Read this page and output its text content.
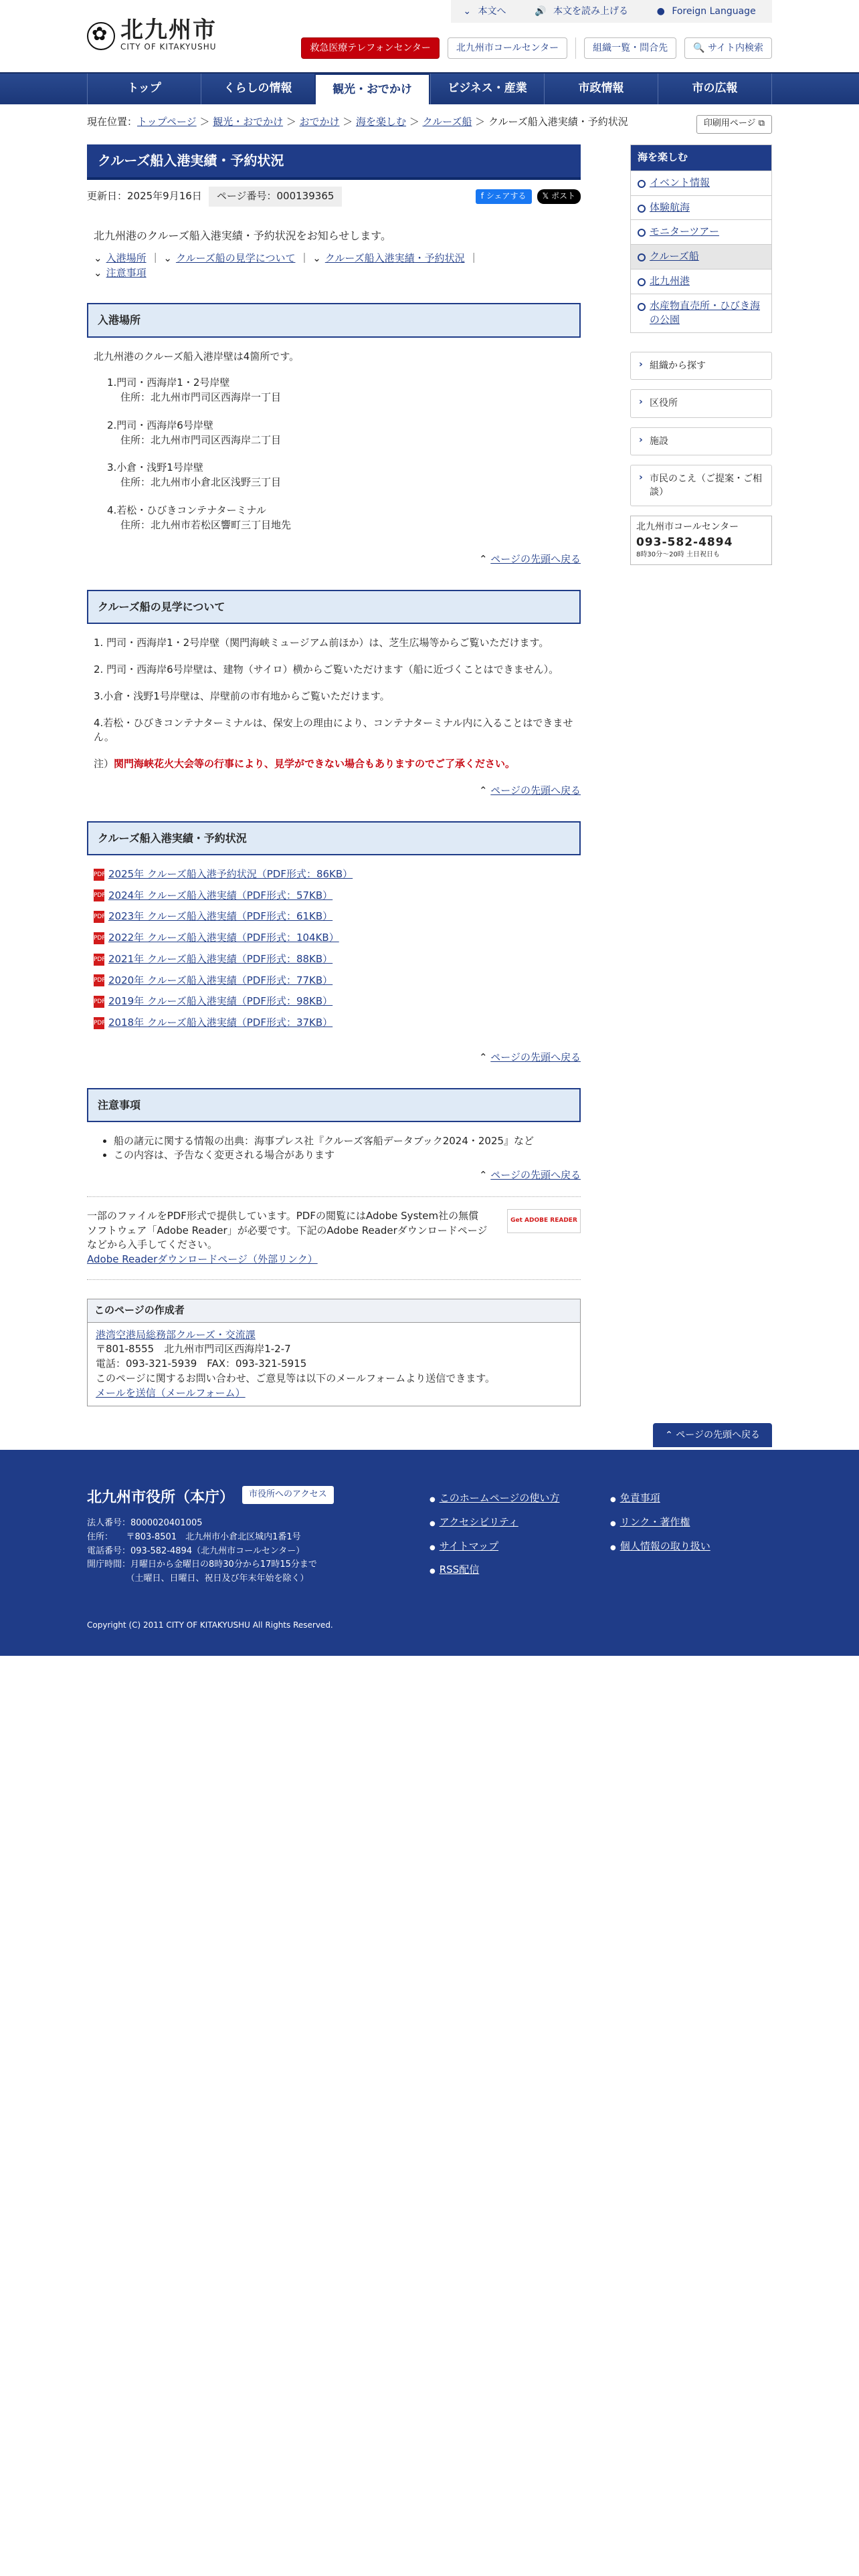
✿
北九州市
CITY OF KITAKYUSHU
⌄ 本文へ	🔊 本文を読み上げる	● Foreign Language
救急医療テレフォンセンター	北九州市コールセンター	組織一覧・問合先	🔍 サイト内検索
トップ	くらしの情報	観光・おでかけ	ビジネス・産業	市政情報	市の広報
現在位置：トップページ ＞ 観光・おでかけ ＞ おでかけ ＞ 海を楽しむ ＞ クルーズ船 ＞ クルーズ船入港実績・予約状況	印刷用ページ ⧉
クルーズ船入港実績・予約状況
更新日：2025年9月16日	ページ番号：000139365	f シェアする	𝕏 ポスト
北九州港のクルーズ船入港実績・予約状況をお知らせします。
⌄ 入港場所 ｜ ⌄ クルーズ船の見学について ｜ ⌄ クルーズ船入港実績・予約状況 ｜
⌄ 注意事項
入港場所
北九州港のクルーズ船入港岸壁は4箇所です。
1.門司・西海岸1・2号岸壁
住所：北九州市門司区西海岸一丁目
2.門司・西海岸6号岸壁
住所：北九州市門司区西海岸二丁目
3.小倉・浅野1号岸壁
住所：北九州市小倉北区浅野三丁目
4.若松・ひびきコンテナターミナル
住所：北九州市若松区響町三丁目地先
⌃ ページの先頭へ戻る
クルーズ船の見学について
1. 門司・西海岸1・2号岸壁（関門海峡ミュージアム前ほか）は、芝生広場等からご覧いただけます。
2. 門司・西海岸6号岸壁は、建物（サイロ）横からご覧いただけます（船に近づくことはできません）。
3.小倉・浅野1号岸壁は、岸壁前の市有地からご覧いただけます。
4.若松・ひびきコンテナターミナルは、保安上の理由により、コンテナターミナル内に入ることはできません。
注）関門海峡花火大会等の行事により、見学ができない場合もありますのでご了承ください。
⌃ ページの先頭へ戻る
クルーズ船入港実績・予約状況
PDF 2025年 クルーズ船入港予約状況（PDF形式：86KB）
PDF 2024年 クルーズ船入港実績（PDF形式：57KB）
PDF 2023年 クルーズ船入港実績（PDF形式：61KB）
PDF 2022年 クルーズ船入港実績（PDF形式：104KB）
PDF 2021年 クルーズ船入港実績（PDF形式：88KB）
PDF 2020年 クルーズ船入港実績（PDF形式：77KB）
PDF 2019年 クルーズ船入港実績（PDF形式：98KB）
PDF 2018年 クルーズ船入港実績（PDF形式：37KB）
⌃ ページの先頭へ戻る
注意事項
• 船の諸元に関する情報の出典：海事プレス社『クルーズ客船データブック2024・2025』など
• この内容は、予告なく変更される場合があります
⌃ ページの先頭へ戻る
一部のファイルをPDF形式で提供しています。PDFの閲覧にはAdobe System社の無償ソフトウェア「Adobe Reader」が必要です。下記のAdobe Readerダウンロードページなどから入手してください。
Adobe Readerダウンロードページ（外部リンク）
Get ADOBE READER
このページの作成者
港湾空港局総務部クルーズ・交流課
〒801-8555　北九州市門司区西海岸1-2-7
電話：093-321-5939　FAX：093-321-5915
このページに関するお問い合わせ、ご意見等は以下のメールフォームより送信できます。
メールを送信（メールフォーム）
海を楽しむ
イベント情報
体験航海
モニターツアー
クルーズ船
北九州港
水産物直売所・ひびき海の公園
› 組織から探す
› 区役所
› 施設
› 市民のこえ（ご提案・ご相談）
北九州市コールセンター
093-582-4894
8時30分〜20時 土日祝日も
⌃ ページの先頭へ戻る
北九州市役所（本庁）	市役所へのアクセス
法人番号：8000020401005
住所：　　〒803-8501　北九州市小倉北区城内1番1号
電話番号：093-582-4894（北九州市コールセンター）
開庁時間：月曜日から金曜日の8時30分から17時15分まで
　　　　　（土曜日、日曜日、祝日及び年末年始を除く）
● このホームページの使い方	● 免責事項
● アクセシビリティ	● リンク・著作権
● サイトマップ	● 個人情報の取り扱い
● RSS配信
Copyright (C) 2011 CITY OF KITAKYUSHU All Rights Reserved.
